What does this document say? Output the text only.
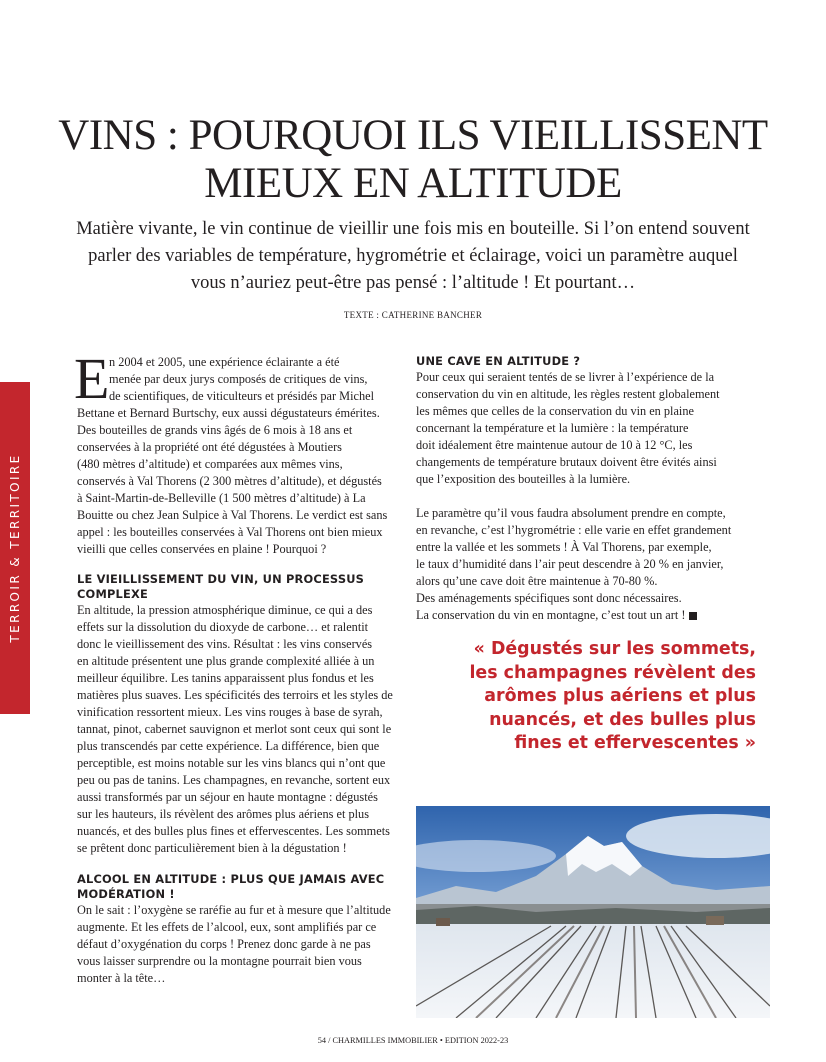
TERROIR & TERRITOIRE
VINS : POURQUOI ILS VIEILLISSENT
MIEUX EN ALTITUDE

Matière vivante, le vin continue de vieillir une fois mis en bouteille. Si l’on entend souvent
parler des variables de température, hygrométrie et éclairage, voici un paramètre auquel
vous n’auriez peut-être pas pensé : l’altitude ! Et pourtant…

TEXTE : CATHERINE BANCHER
E n 2004 et 2005, une expérience éclairante a été
menée par deux jurys composés de critiques de vins,
de scientifiques, de viticulteurs et présidés par Michel
Bettane et Bernard Burtschy, eux aussi dégustateurs émérites.
Des bouteilles de grands vins âgés de 6 mois à 18 ans et
conservées à la propriété ont été dégustées à Moutiers
(480 mètres d’altitude) et comparées aux mêmes vins,
conservés à Val Thorens (2 300 mètres d’altitude), et dégustés
à Saint-Martin-de-Belleville (1 500 mètres d’altitude) à La
Bouitte ou chez Jean Sulpice à Val Thorens. Le verdict est sans
appel : les bouteilles conservées à Val Thorens ont bien mieux
vieilli que celles conservées en plaine ! Pourquoi ?
LE VIEILLISSEMENT DU VIN, UN PROCESSUS
COMPLEXE
En altitude, la pression atmosphérique diminue, ce qui a des
effets sur la dissolution du dioxyde de carbone… et ralentit
donc le vieillissement des vins. Résultat : les vins conservés
en altitude présentent une plus grande complexité alliée à un
meilleur équilibre. Les tanins apparaissent plus fondus et les
matières plus suaves. Les spécificités des terroirs et les styles de
vinification ressortent mieux. Les vins rouges à base de syrah,
tannat, pinot, cabernet sauvignon et merlot sont ceux qui sont le
plus transcendés par cette expérience. La différence, bien que
perceptible, est moins notable sur les vins blancs qui n’ont que
peu ou pas de tanins. Les champagnes, en revanche, sortent eux
aussi transformés par un séjour en haute montagne : dégustés
sur les hauteurs, ils révèlent des arômes plus aériens et plus
nuancés, et des bulles plus fines et effervescentes. Les sommets
se prêtent donc particulièrement bien à la dégustation !
ALCOOL EN ALTITUDE : PLUS QUE JAMAIS AVEC
MODÉRATION !
On le sait : l’oxygène se raréfie au fur et à mesure que l’altitude
augmente. Et les effets de l’alcool, eux, sont amplifiés par ce
défaut d’oxygénation du corps ! Prenez donc garde à ne pas
vous laisser surprendre ou la montagne pourrait bien vous
monter à la tête…
UNE CAVE EN ALTITUDE ?
Pour ceux qui seraient tentés de se livrer à l’expérience de la
conservation du vin en altitude, les règles restent globalement
les mêmes que celles de la conservation du vin en plaine
concernant la température et la lumière : la température
doit idéalement être maintenue autour de 10 à 12 °C, les
changements de température brutaux doivent être évités ainsi
que l’exposition des bouteilles à la lumière.
Le paramètre qu’il vous faudra absolument prendre en compte,
en revanche, c’est l’hygrométrie : elle varie en effet grandement
entre la vallée et les sommets ! À Val Thorens, par exemple,
le taux d’humidité dans l’air peut descendre à 20 % en janvier,
alors qu’une cave doit être maintenue à 70-80 %.
Des aménagements spécifiques sont donc nécessaires.
La conservation du vin en montagne, c’est tout un art !
« Dégustés sur les sommets,
les champagnes révèlent des
arômes plus aériens et plus
nuancés, et des bulles plus
fines et effervescentes »
54 / CHARMILLES IMMOBILIER • EDITION 2022-23
